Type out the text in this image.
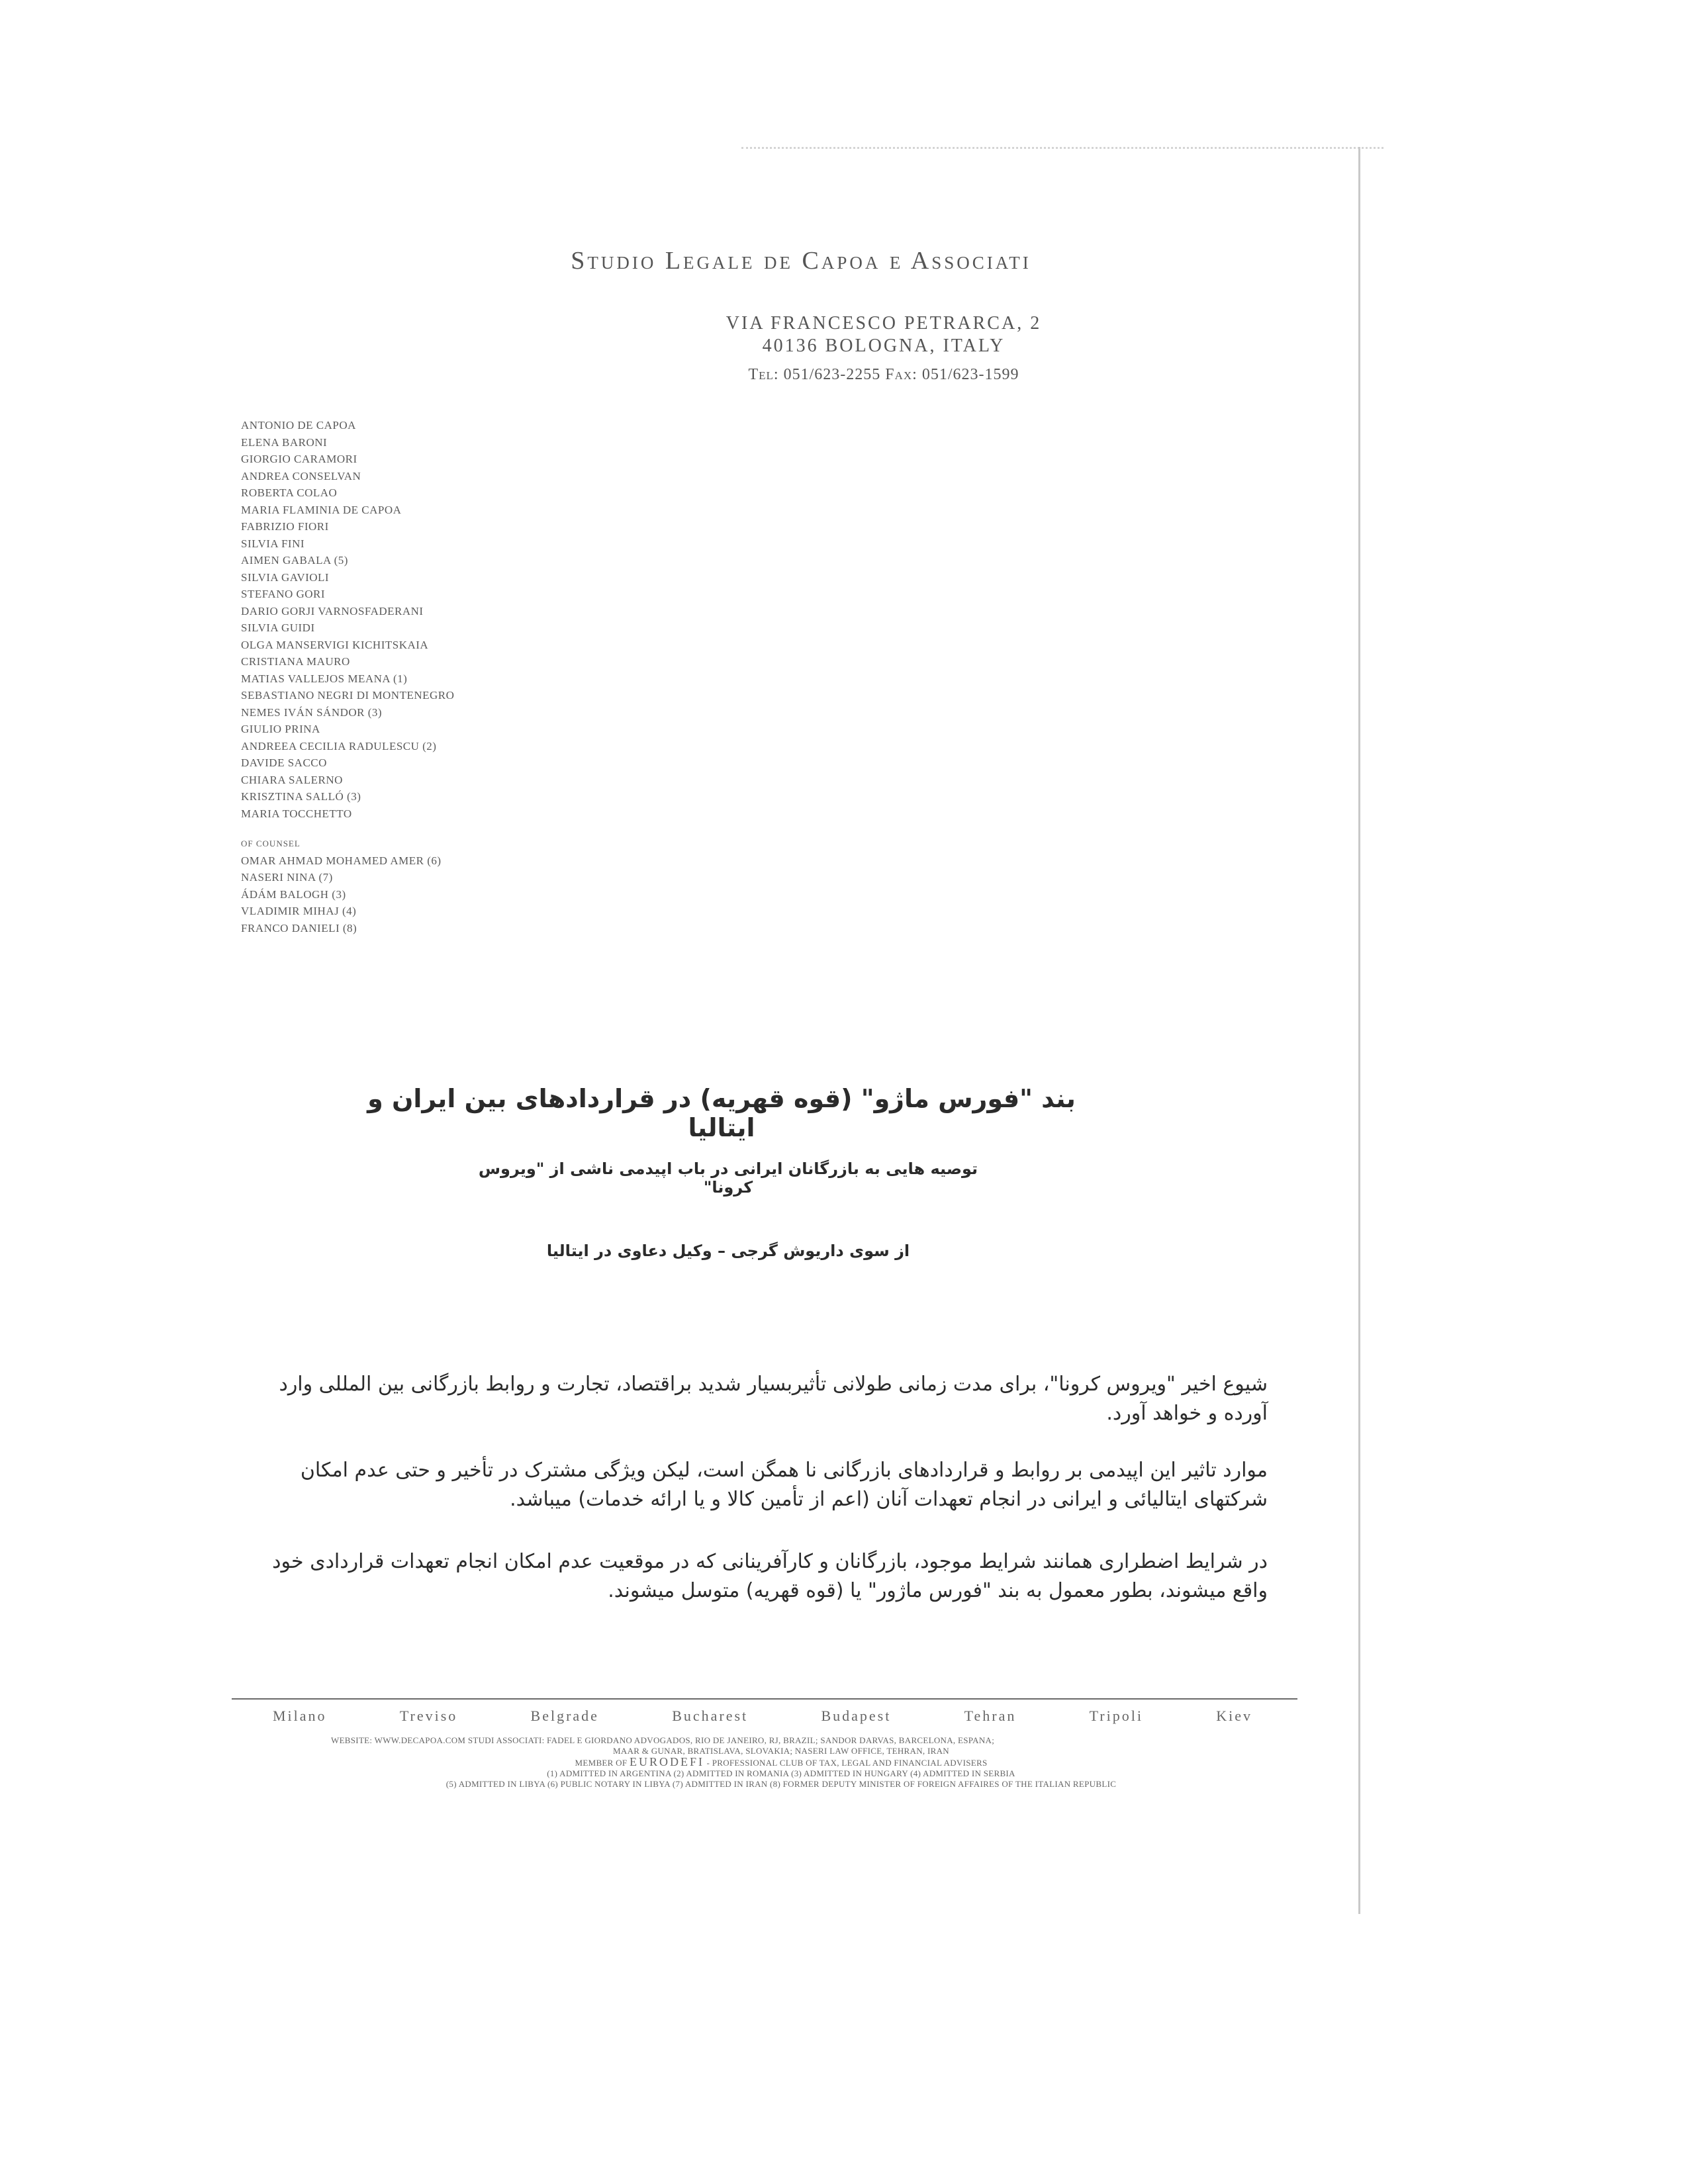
Studio Legale de Capoa e Associati
VIA FRANCESCO PETRARCA, 2
40136 BOLOGNA, ITALY
Tel: 051/623-2255 Fax: 051/623-1599
ANTONIO DE CAPOA
ELENA BARONI
GIORGIO CARAMORI
ANDREA CONSELVAN
ROBERTA COLAO
MARIA FLAMINIA DE CAPOA
FABRIZIO FIORI
SILVIA FINI
AIMEN GABALA (5)
SILVIA GAVIOLI
STEFANO GORI
DARIO GORJI VARNOSFADERANI
SILVIA GUIDI
OLGA MANSERVIGI KICHITSKAIA
CRISTIANA MAURO
MATIAS VALLEJOS MEANA (1)
SEBASTIANO NEGRI DI MONTENEGRO
NEMES IVÁN SÁNDOR (3)
GIULIO PRINA
ANDREEA CECILIA RADULESCU (2)
DAVIDE SACCO
CHIARA SALERNO
KRISZTINA SALLÓ (3)
MARIA TOCCHETTO
OF COUNSEL
OMAR AHMAD MOHAMED AMER (6)
NASERI NINA (7)
ÁDÁM BALOGH (3)
VLADIMIR MIHAJ (4)
FRANCO DANIELI (8)
بند "فورس ماژو" (قوه قهریه) در قراردادهای بین ایران و ایتالیا
توصیه هایی به بازرگانان ایرانی در باب اپیدمی ناشی از "ویروس کرونا"
از سوی داریوش گرجی – وکیل دعاوی در ایتالیا
شیوع اخیر "ویروس کرونا"، برای مدت زمانی طولانی تأثیربسیار شدید براقتصاد، تجارت و روابط بازرگانی بین المللی وارد آورده و خواهد آورد.
موارد تاثیر این اپیدمی بر روابط و قراردادهای بازرگانی نا همگن است، لیکن ویژگی مشترک در تأخیر و حتی عدم امکان شرکتهای ایتالیائی و ایرانی در انجام تعهدات آنان (اعم از تأمین کالا و یا ارائه خدمات) میباشد.
در شرایط اضطراری همانند شرایط موجود، بازرگانان و کارآفرینانی که در موقعیت عدم امکان انجام تعهدات قراردادی خود واقع میشوند، بطور معمول به بند "فورس ماژور" یا (قوه قهریه) متوسل میشوند.
Milano	Treviso	Belgrade	Bucharest	Budapest	Tehran	Tripoli	Kiev
WEBSITE: WWW.DECAPOA.COM STUDI ASSOCIATI: FADEL E GIORDANO ADVOGADOS, RIO DE JANEIRO, RJ, BRAZIL; SANDOR DARVAS, BARCELONA, ESPANA;
MAAR & GUNAR, BRATISLAVA, SLOVAKIA; NASERI LAW OFFICE, TEHRAN, IRAN
MEMBER OF EURODEFI - PROFESSIONAL CLUB OF TAX, LEGAL AND FINANCIAL ADVISERS
(1) ADMITTED IN ARGENTINA (2) ADMITTED IN ROMANIA (3) ADMITTED IN HUNGARY (4) ADMITTED IN SERBIA
(5) ADMITTED IN LIBYA (6) PUBLIC NOTARY IN LIBYA (7) ADMITTED IN IRAN (8) FORMER DEPUTY MINISTER OF FOREIGN AFFAIRES OF THE ITALIAN REPUBLIC
